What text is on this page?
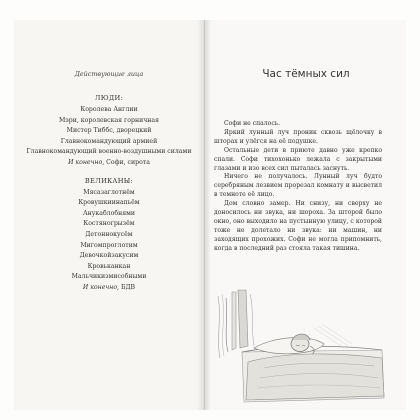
Действующие лица
ЛЮДИ:
Королева Англии
Мэри, королевская горничная
Мистер Тиббс, дворецкий
Главнокомандующий армией
Главнокомандующий военно-воздушными силами
И конечно, Софи, сирота
ВЕЛИКАНЫ:
Мясазаглотнём
Кровушкиинапьём
Анукаблобнями
Костяногрызём
Детоннокусём
Мигомпроглотим
Девочкойзакусим
Кровьканкан
Мальчикизмисобными
И конечно, БДВ
Час тёмных сил

Софи не спалось.

Яркий лунный луч проник сквозь щёлочку в шторах и улёгся на её подушке.

Остальные дети в приюте давно уже крепко спали. Софи тихохонько лежала с закрытыми глазами и изо всех сил пыталась заснуть.

Ничего не получалось. Лунный луч будто серебряным лезвием прорезал комнату и высветил в темноте её лицо.

Дом словно замер. Ни снизу, ни сверху не доносилось ни звука, ни шороха. За шторой было окно, оно выходило на пустынную улицу, с которой тоже не долетало ни звука: ни машин, ни заходящих прохожих. Софи не могла припомнить, когда в последний раз стояла такая тишина.
